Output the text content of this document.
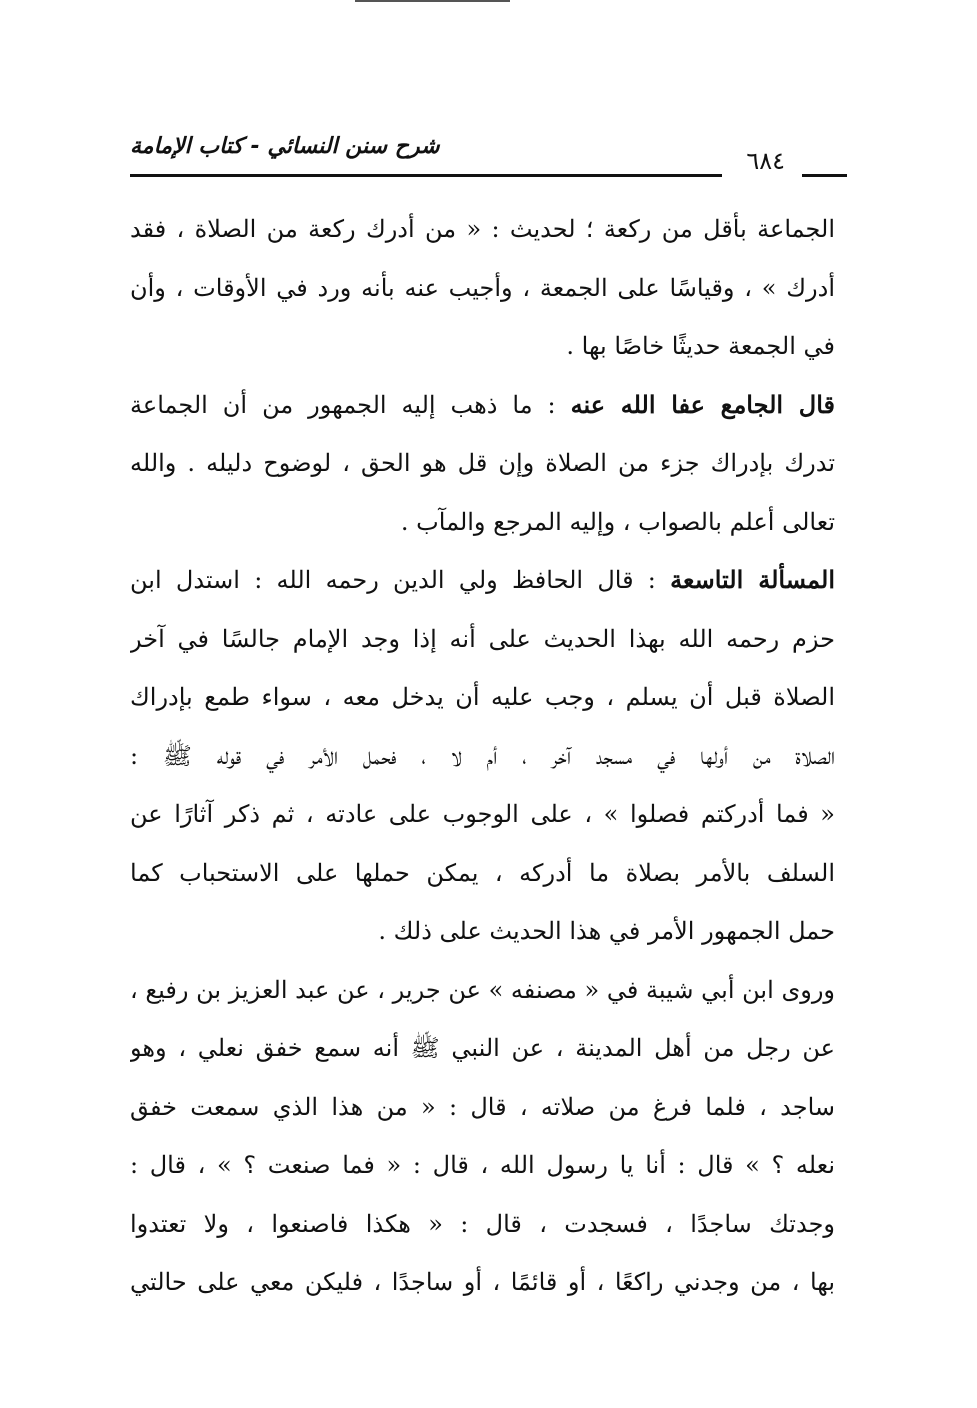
شرح سنن النسائي - كتاب الإمامة
٦٨٤
الجماعة بأقل من ركعة ؛ لحديث : « من أدرك ركعة من الصلاة ، فقد
أدرك » ، وقياسًا على الجمعة ، وأجيب عنه بأنه ورد في الأوقات ، وأن
في الجمعة حديثًا خاصًا بها .
قال الجامع عفا الله عنه : ما ذهب إليه الجمهور من أن الجماعة
تدرك بإدراك جزء من الصلاة وإن قل هو الحق ، لوضوح دليله . والله
تعالى أعلم بالصواب ، وإليه المرجع والمآب .
المسألة التاسعة : قال الحافظ ولي الدين رحمه الله : استدل ابن
حزم رحمه الله بهذا الحديث على أنه إذا وجد الإمام جالسًا في آخر
الصلاة قبل أن يسلم ، وجب عليه أن يدخل معه ، سواء طمع بإدراك
الصلاة من أولها في مسجد آخر ، أم لا ، فحمل الأمر في قوله ﷺ :
« فما أدركتم فصلوا » ، على الوجوب على عادته ، ثم ذكر آثارًا عن
السلف بالأمر بصلاة ما أدركه ، يمكن حملها على الاستحباب كما
حمل الجمهور الأمر في هذا الحديث على ذلك .
وروى ابن أبي شيبة في « مصنفه » عن جرير ، عن عبد العزيز بن رفيع ،
عن رجل من أهل المدينة ، عن النبي ﷺ أنه سمع خفق نعلي ، وهو
ساجد ، فلما فرغ من صلاته ، قال : « من هذا الذي سمعت خفق
نعله ؟ » قال : أنا يا رسول الله ، قال : « فما صنعت ؟ » ، قال :
وجدتك ساجدًا ، فسجدت ، قال : « هكذا فاصنعوا ، ولا تعتدوا
بها ، من وجدني راكعًا ، أو قائمًا ، أو ساجدًا ، فليكن معي على حالتي
